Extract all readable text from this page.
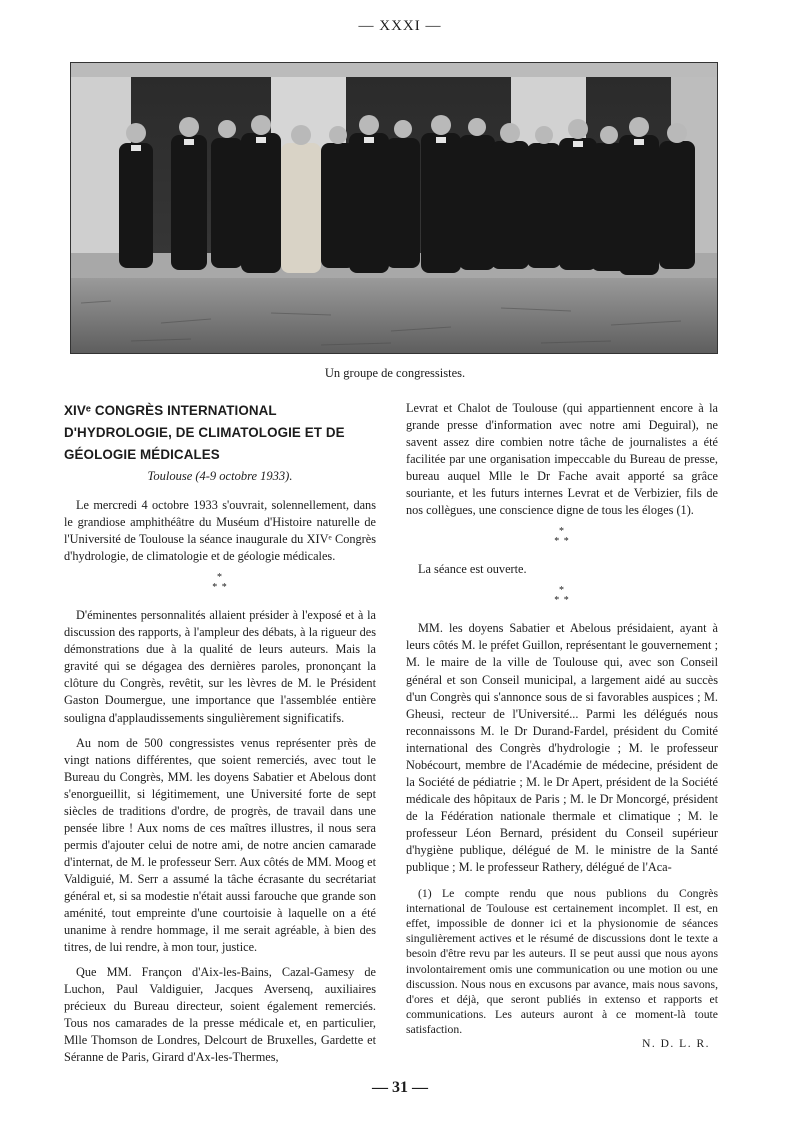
— XXXI —
Un groupe de congressistes.
XIVᵉ CONGRÈS INTERNATIONAL D'HYDROLOGIE, DE CLIMATOLOGIE ET DE GÉOLOGIE MÉDICALES
Toulouse (4-9 octobre 1933).

Le mercredi 4 octobre 1933 s'ouvrait, solennellement, dans le grandiose amphithéâtre du Muséum d'Histoire naturelle de l'Université de Toulouse la séance inaugurale du XIVᵉ Congrès d'hydrologie, de climatologie et de géologie médicales.

*
* *

D'éminentes personnalités allaient présider à l'exposé et à la discussion des rapports, à l'ampleur des débats, à la rigueur des démonstrations due à la qualité de leurs auteurs. Mais la gravité qui se dégagea des dernières paroles, prononçant la clôture du Congrès, revêtit, sur les lèvres de M. le Président Gaston Doumergue, une importance que l'assemblée entière souligna d'applaudissements singulièrement significatifs.

Au nom de 500 congressistes venus représenter près de vingt nations différentes, que soient remerciés, avec tout le Bureau du Congrès, MM. les doyens Sabatier et Abelous dont s'enorgueillit, si légitimement, une Université forte de sept siècles de traditions d'ordre, de progrès, de travail dans une pensée libre ! Aux noms de ces maîtres illustres, il nous sera permis d'ajouter celui de notre ami, de notre ancien camarade d'internat, de M. le professeur Serr. Aux côtés de MM. Moog et Valdiguié, M. Serr a assumé la tâche écrasante du secrétariat général et, si sa modestie n'était aussi farouche que grande son aménité, tout empreinte d'une courtoisie à laquelle on a été unanime à rendre hommage, il me serait agréable, à bien des titres, de lui rendre, à mon tour, justice.

Que MM. Françon d'Aix-les-Bains, Cazal-Gamesy de Luchon, Paul Valdiguier, Jacques Aversenq, auxiliaires précieux du Bureau directeur, soient également remerciés. Tous nos camarades de la presse médicale et, en particulier, Mlle Thomson de Londres, Delcourt de Bruxelles, Gardette et Séranne de Paris, Girard d'Ax-les-Thermes,

Levrat et Chalot de Toulouse (qui appartiennent encore à la grande presse d'information avec notre ami Deguiral), ne savent assez dire combien notre tâche de journalistes a été facilitée par une organisation impeccable du Bureau de presse, bureau auquel Mlle le Dr Fache avait apporté sa grâce souriante, et les futurs internes Levrat et de Verbizier, fils de nos collègues, une conscience digne de tous les éloges (1).

*
* *

La séance est ouverte.

*
* *

MM. les doyens Sabatier et Abelous présidaient, ayant à leurs côtés M. le préfet Guillon, représentant le gouvernement ; M. le maire de la ville de Toulouse qui, avec son Conseil général et son Conseil municipal, a largement aidé au succès d'un Congrès qui s'annonce sous de si favorables auspices ; M. Gheusi, recteur de l'Université... Parmi les délégués nous reconnaissons M. le Dr Durand-Fardel, président du Comité international des Congrès d'hydrologie ; M. le professeur Nobécourt, membre de l'Académie de médecine, président de la Société de pédiatrie ; M. le Dr Apert, président de la Société médicale des hôpitaux de Paris ; M. le Dr Moncorgé, président de la Fédération nationale thermale et climatique ; M. le professeur Léon Bernard, président du Conseil supérieur d'hygiène publique, délégué de M. le ministre de la Santé publique ; M. le professeur Rathery, délégué de l'Aca-

(1) Le compte rendu que nous publions du Congrès international de Toulouse est certainement incomplet. Il est, en effet, impossible de donner ici et la physionomie de séances singulièrement actives et le résumé de discussions dont le texte a besoin d'être revu par les auteurs. Il se peut aussi que nous ayons involontairement omis une communication ou une motion ou une discussion. Nous nous en excusons par avance, mais nous savons, d'ores et déjà, que seront publiés in extenso et rapports et communications. Les auteurs auront à ce moment-là toute satisfaction.

N. D. L. R.
— 31 —
